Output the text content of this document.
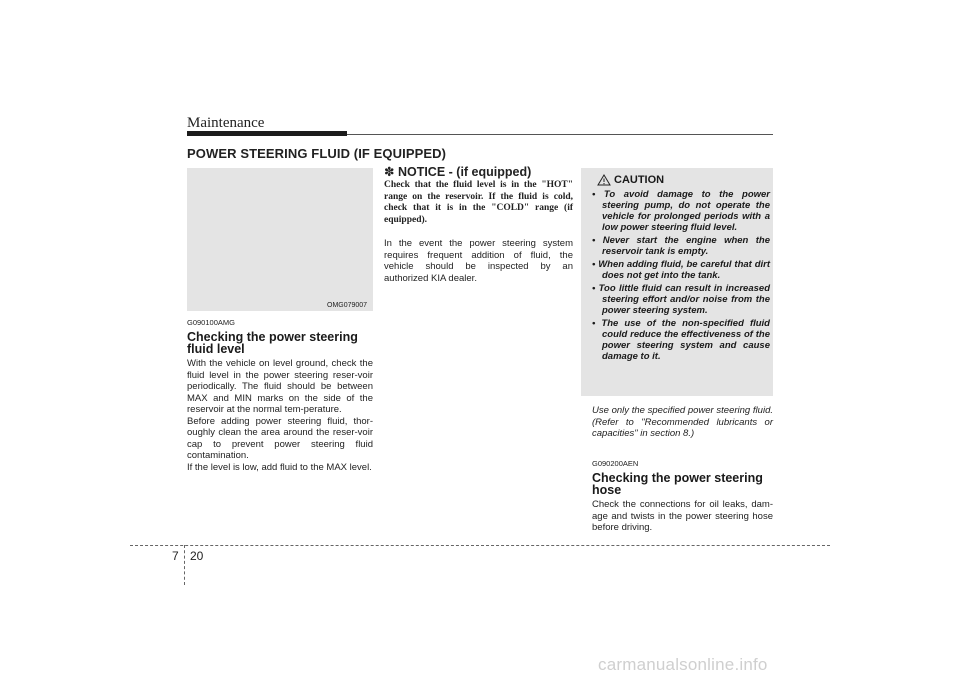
Maintenance
POWER STEERING FLUID (IF EQUIPPED)
OMG079007
G090100AMG
Checking the power steering fluid level

With the vehicle on level ground, check the fluid level in the power steering reser-voir periodically. The fluid should be between MAX and MIN marks on the side of the reservoir at the normal tem-perature.

Before adding power steering fluid, thor-oughly clean the area around the reser-voir cap to prevent power steering fluid contamination.

If the level is low, add fluid to the MAX level.

✽ NOTICE - (if equipped)
Check that the fluid level is in the "HOT" range on the reservoir. If the fluid is cold, check that it is in the "COLD" range (if equipped).
In the event the power steering system requires frequent addition of fluid, the vehicle should be inspected by an authorized KIA dealer.
CAUTION
• To avoid damage to the power steering pump, do not operate the vehicle for prolonged periods with a low power steering fluid level.
• Never start the engine when the reservoir tank is empty.
• When adding fluid, be careful that dirt does not get into the tank.
• Too little fluid can result in increased steering effort and/or noise from the power steering system.
• The use of the non-specified fluid could reduce the effectiveness of the power steering system and cause damage to it.
Use only the specified power steering fluid. (Refer to "Recommended lubricants or capacities" in section 8.)
G090200AEN
Checking the power steering hose
Check the connections for oil leaks, dam-age and twists in the power steering hose before driving.
7 20
carmanualsonline.info
